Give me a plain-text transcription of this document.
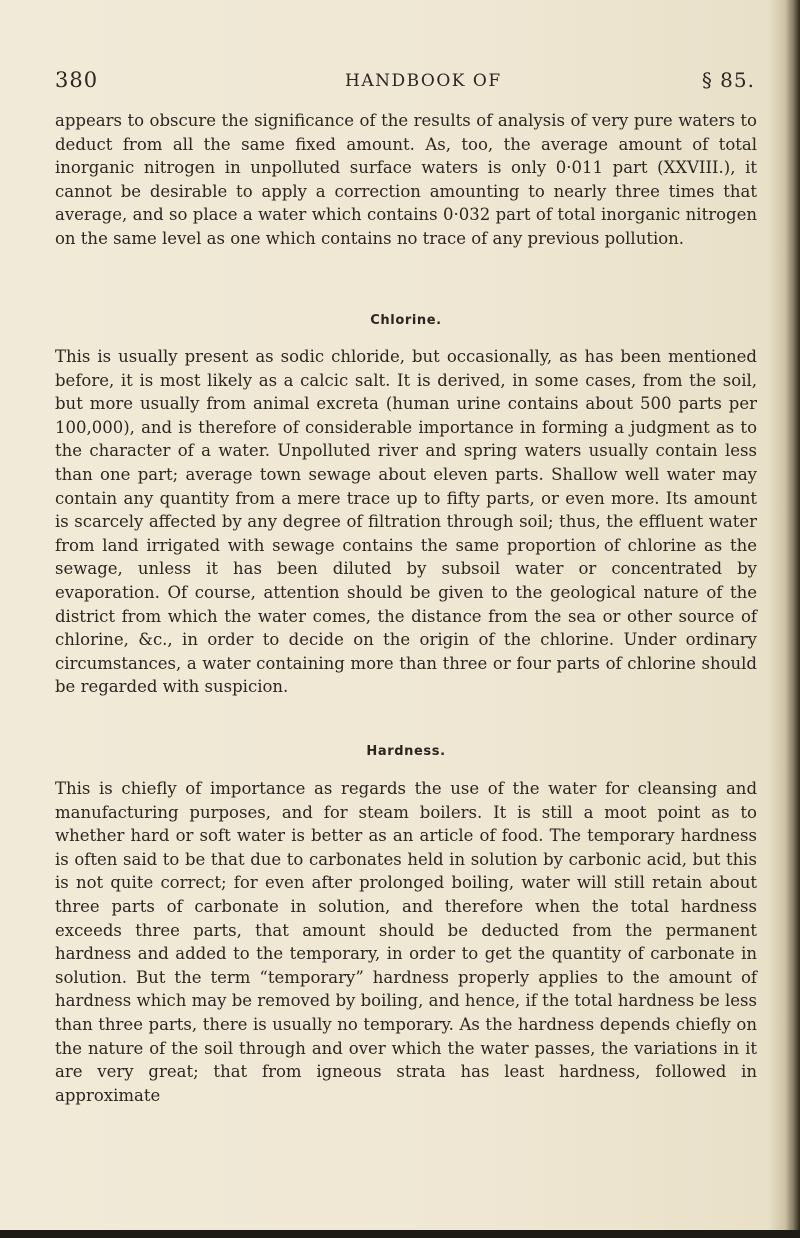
380	HANDBOOK OF	§ 85.

appears to obscure the significance of the results of analysis of very pure waters to deduct from all the same fixed amount. As, too, the average amount of total inorganic nitrogen in unpolluted surface waters is only 0·011 part (XXVIII.), it cannot be desirable to apply a correction amounting to nearly three times that average, and so place a water which contains 0·032 part of total inorganic nitrogen on the same level as one which contains no trace of any previous pollution.

Chlorine.

This is usually present as sodic chloride, but occasionally, as has been mentioned before, it is most likely as a calcic salt. It is derived, in some cases, from the soil, but more usually from animal excreta (human urine contains about 500 parts per 100,000), and is therefore of considerable importance in forming a judgment as to the character of a water. Unpolluted river and spring waters usually contain less than one part; average town sewage about eleven parts. Shallow well water may contain any quantity from a mere trace up to fifty parts, or even more. Its amount is scarcely affected by any degree of filtration through soil; thus, the effluent water from land irrigated with sewage contains the same proportion of chlorine as the sewage, unless it has been diluted by subsoil water or concentrated by evaporation. Of course, attention should be given to the geological nature of the district from which the water comes, the distance from the sea or other source of chlorine, &c., in order to decide on the origin of the chlorine. Under ordinary circumstances, a water containing more than three or four parts of chlorine should be regarded with suspicion.

Hardness.

This is chiefly of importance as regards the use of the water for cleansing and manufacturing purposes, and for steam boilers. It is still a moot point as to whether hard or soft water is better as an article of food. The temporary hardness is often said to be that due to carbonates held in solution by carbonic acid, but this is not quite correct; for even after prolonged boiling, water will still retain about three parts of carbonate in solution, and therefore when the total hardness exceeds three parts, that amount should be deducted from the permanent hardness and added to the temporary, in order to get the quantity of carbonate in solution. But the term “temporary” hardness properly applies to the amount of hardness which may be removed by boiling, and hence, if the total hardness be less than three parts, there is usually no temporary. As the hardness depends chiefly on the nature of the soil through and over which the water passes, the variations in it are very great; that from igneous strata has least hardness, followed in approximate
